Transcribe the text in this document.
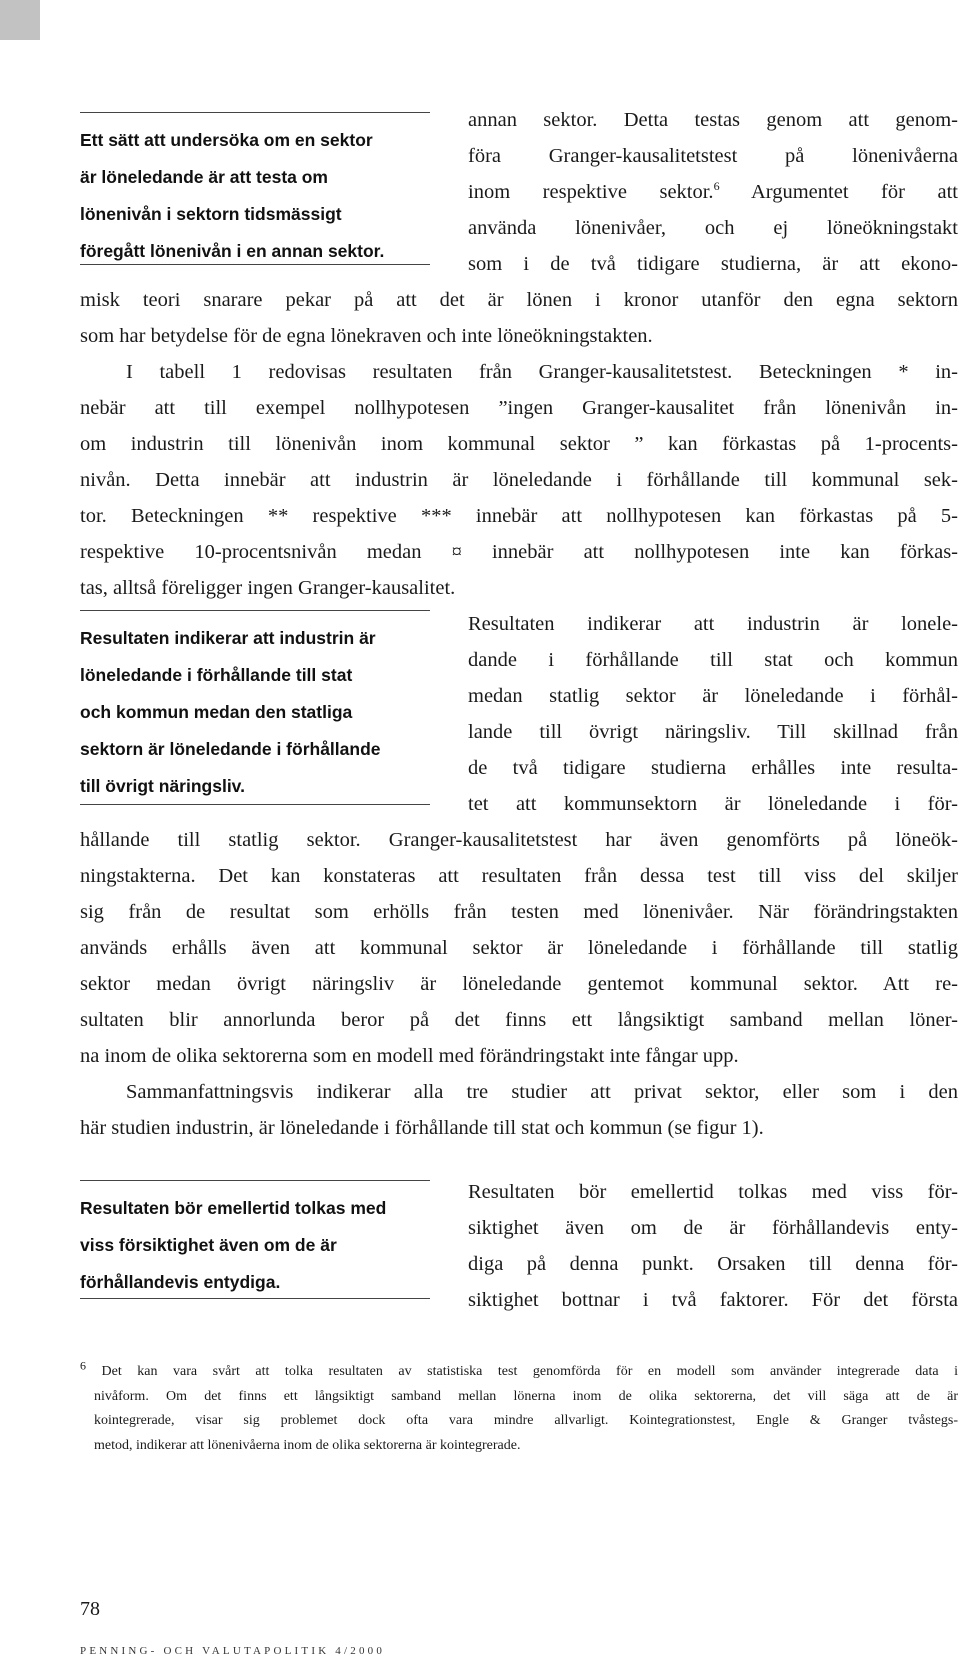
Ett sätt att undersöka om en sektor
är löneledande är att testa om
lönenivån i sektorn tidsmässigt
föregått lönenivån i en annan sektor.
annan sektor. Detta testas genom att genom-
föra Granger-kausalitetstest på lönenivåerna
inom respektive sektor.$^6$ Argumentet för att
använda lönenivåer, och ej löneökningstakt
som i de två tidigare studierna, är att ekono-
misk teori snarare pekar på att det är lönen i kronor utanför den egna sektorn
som har betydelse för de egna lönekraven och inte löneökningstakten.
I tabell 1 redovisas resultaten från Granger-kausalitetstest. Beteckningen * in-
nebär att till exempel nollhypotesen ”ingen Granger-kausalitet från lönenivån in-
om industrin till lönenivån inom kommunal sektor ” kan förkastas på 1-procents-
nivån. Detta innebär att industrin är löneledande i förhållande till kommunal sek-
tor. Beteckningen ** respektive *** innebär att nollhypotesen kan förkastas på 5-
respektive 10-procentsnivån medan ¤ innebär att nollhypotesen inte kan förkas-
tas, alltså föreligger ingen Granger-kausalitet.
Resultaten indikerar att industrin är
löneledande i förhållande till stat
och kommun medan den statliga
sektorn är löneledande i förhållande
till övrigt näringsliv.
Resultaten indikerar att industrin är lonele-
dande i förhållande till stat och kommun
medan statlig sektor är löneledande i förhål-
lande till övrigt näringsliv. Till skillnad från
de två tidigare studierna erhålles inte resulta-
tet att kommunsektorn är löneledande i för-
hållande till statlig sektor. Granger-kausalitetstest har även genomförts på löneök-
ningstakterna. Det kan konstateras att resultaten från dessa test till viss del skiljer
sig från de resultat som erhölls från testen med lönenivåer. När förändringstakten
används erhålls även att kommunal sektor är löneledande i förhållande till statlig
sektor medan övrigt näringsliv är löneledande gentemot kommunal sektor. Att re-
sultaten blir annorlunda beror på det finns ett långsiktigt samband mellan löner-
na inom de olika sektorerna som en modell med förändringstakt inte fångar upp.
Sammanfattningsvis indikerar alla tre studier att privat sektor, eller som i den
här studien industrin, är löneledande i förhållande till stat och kommun (se figur 1).
Resultaten bör emellertid tolkas med
viss försiktighet även om de är
förhållandevis entydiga.
Resultaten bör emellertid tolkas med viss för-
siktighet även om de är förhållandevis enty-
diga på denna punkt. Orsaken till denna för-
siktighet bottnar i två faktorer. För det första
$^6$ Det kan vara svårt att tolka resultaten av statistiska test genomförda för en modell som använder integrerade data i
nivåform. Om det finns ett långsiktigt samband mellan lönerna inom de olika sektorerna, det vill säga att de är
kointegrerade, visar sig problemet dock ofta vara mindre allvarligt. Kointegrationstest, Engle & Granger tvåstegs-
metod, indikerar att lönenivåerna inom de olika sektorerna är kointegrerade.
78
PENNING- OCH VALUTAPOLITIK 4/2000
